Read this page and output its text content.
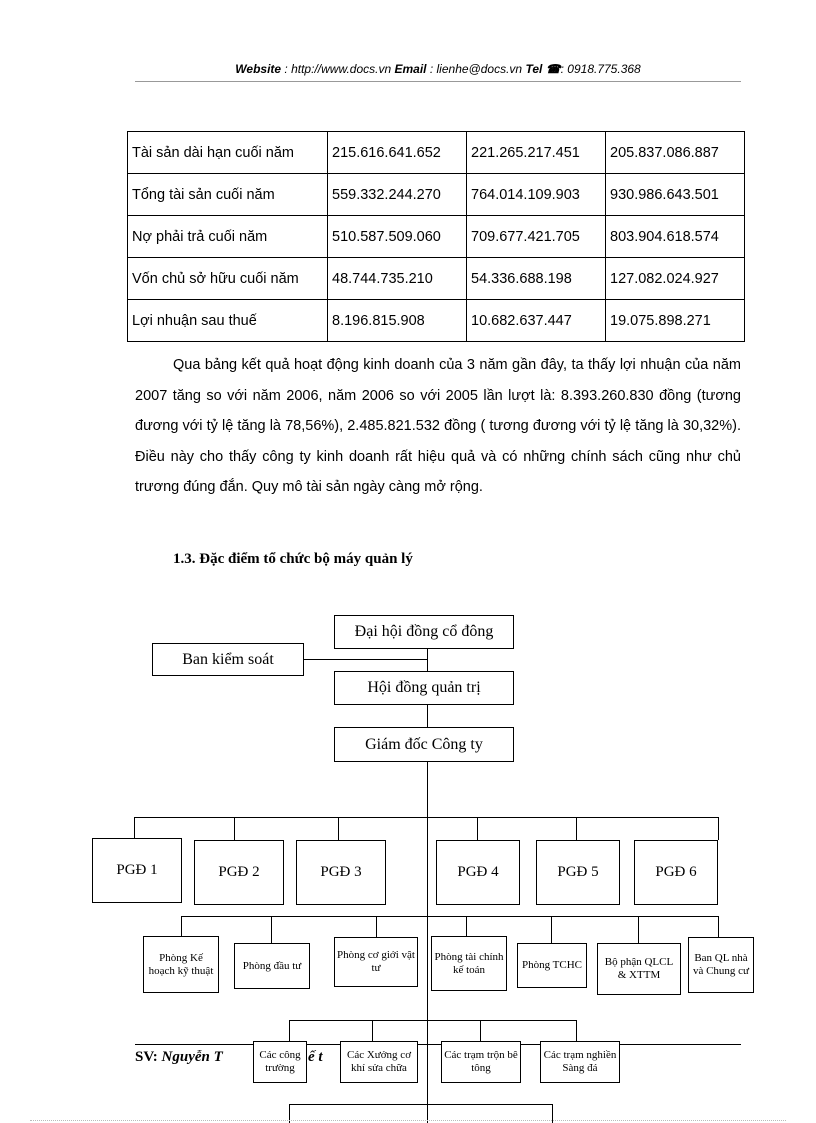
Website : http://www.docs.vn Email : lienhe@docs.vn Tel ☎: 0918.775.368
Tài sản dài hạn cuối năm	215.616.641.652	221.265.217.451	205.837.086.887
Tổng tài sản cuối năm	559.332.244.270	764.014.109.903	930.986.643.501
Nợ phải trả cuối năm	510.587.509.060	709.677.421.705	803.904.618.574
Vốn chủ sở hữu cuối năm	48.744.735.210	54.336.688.198	127.082.024.927
Lợi nhuận sau thuế	8.196.815.908	10.682.637.447	19.075.898.271

Qua bảng kết quả hoạt động kinh doanh của 3 năm gần đây, ta thấy lợi nhuận của năm 2007 tăng so với năm 2006, năm 2006 so với 2005 lần lượt là: 8.393.260.830 đồng (tương đương với tỷ lệ tăng là 78,56%), 2.485.821.532 đồng ( tương đương với tỷ lệ tăng là 30,32%). Điều này cho thấy công ty kinh doanh rất hiệu quả và có những chính sách cũng như chủ trương đúng đắn. Quy mô tài sản ngày càng mở rộng.

1.3. Đặc điểm tổ chức bộ máy quản lý
Đại hội đồng cổ đông
Ban kiểm soát
Hội đồng quản trị
Giám đốc Công ty
PGĐ 1	PGĐ 2	PGĐ 3	PGĐ 4	PGĐ 5	PGĐ 6
Phòng Kế hoạch kỹ thuật	Phòng đầu tư
Phòng cơ giới vật tư
Phòng tài chính kế toán	Phòng TCHC	Bộ phận QLCL & XTTM
Ban QL nhà và Chung cư
SV: Nguyễn T	ế t
Các công trường
Các Xưởng cơ khí sửa chữa
Các trạm trộn bê tông
Các trạm nghiền Sàng đá
